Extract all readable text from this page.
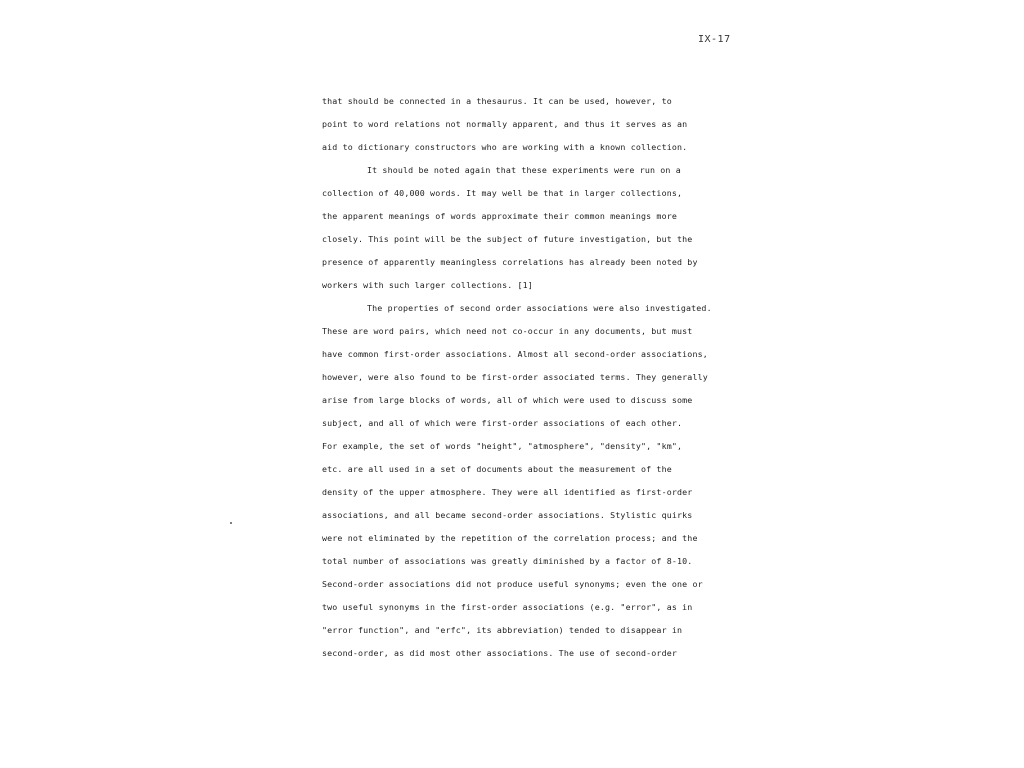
IX-17
that should be connected in a thesaurus. It can be used, however, to
point to word relations not normally apparent, and thus it serves as an
aid to dictionary constructors who are working with a known collection.
It should be noted again that these experiments were run on a
collection of 40,000 words. It may well be that in larger collections,
the apparent meanings of words approximate their common meanings more
closely. This point will be the subject of future investigation, but the
presence of apparently meaningless correlations has already been noted by
workers with such larger collections. [1]
The properties of second order associations were also investigated.
These are word pairs, which need not co-occur in any documents, but must
have common first-order associations. Almost all second-order associations,
however, were also found to be first-order associated terms. They generally
arise from large blocks of words, all of which were used to discuss some
subject, and all of which were first-order associations of each other.
For example, the set of words "height", "atmosphere", "density", "km",
etc. are all used in a set of documents about the measurement of the
density of the upper atmosphere. They were all identified as first-order
associations, and all became second-order associations. Stylistic quirks
were not eliminated by the repetition of the correlation process; and the
total number of associations was greatly diminished by a factor of 8-10.
Second-order associations did not produce useful synonyms; even the one or
two useful synonyms in the first-order associations (e.g. "error", as in
"error function", and "erfc", its abbreviation) tended to disappear in
second-order, as did most other associations. The use of second-order
